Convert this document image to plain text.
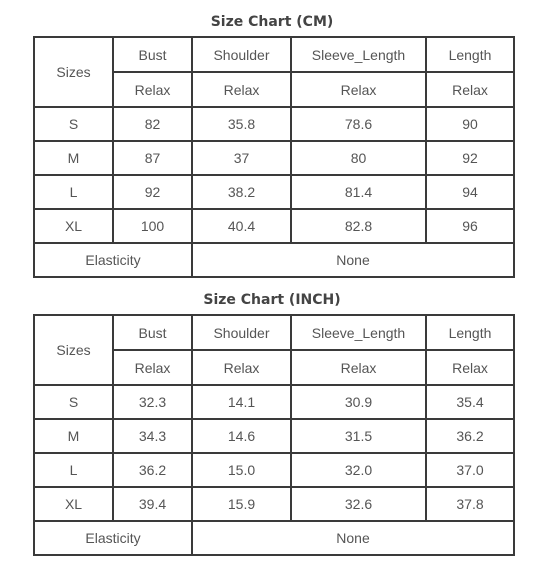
Size Chart (CM)
Sizes	Bust	Shoulder	Sleeve_Length	Length
	Relax	Relax	Relax	Relax
S	82	35.8	78.6	90
M	87	37	80	92
L	92	38.2	81.4	94
XL	100	40.4	82.8	96
Elasticity		None		
Size Chart (INCH)
Sizes	Bust	Shoulder	Sleeve_Length	Length
	Relax	Relax	Relax	Relax
S	32.3	14.1	30.9	35.4
M	34.3	14.6	31.5	36.2
L	36.2	15.0	32.0	37.0
XL	39.4	15.9	32.6	37.8
Elasticity		None		
